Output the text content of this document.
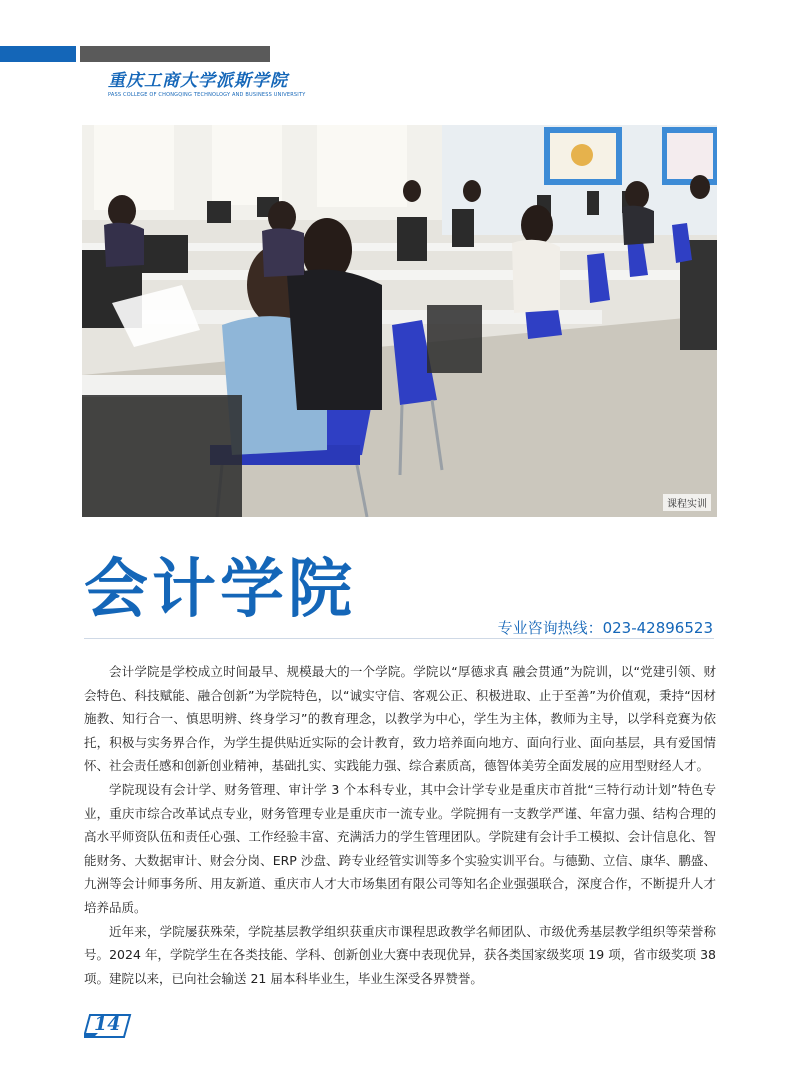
重庆工商大学派斯学院
PASS COLLEGE OF CHONGQING TECHNOLOGY AND BUSINESS UNIVERSITY
课程实训
会计学院
专业咨询热线：023-42896523

会计学院是学校成立时间最早、规模最大的一个学院。学院以“厚德求真 融会贯通”为院训，以“党建引领、财会特色、科技赋能、融合创新”为学院特色，以“诚实守信、客观公正、积极进取、止于至善”为价值观，秉持“因材施教、知行合一、慎思明辨、终身学习”的教育理念，以教学为中心，学生为主体，教师为主导，以学科竞赛为依托，积极与实务界合作，为学生提供贴近实际的会计教育，致力培养面向地方、面向行业、面向基层，具有爱国情怀、社会责任感和创新创业精神，基础扎实、实践能力强、综合素质高，德智体美劳全面发展的应用型财经人才。

学院现设有会计学、财务管理、审计学 3 个本科专业，其中会计学专业是重庆市首批“三特行动计划”特色专业，重庆市综合改革试点专业，财务管理专业是重庆市一流专业。学院拥有一支教学严谨、年富力强、结构合理的高水平师资队伍和责任心强、工作经验丰富、充满活力的学生管理团队。学院建有会计手工模拟、会计信息化、智能财务、大数据审计、财会分岗、ERP 沙盘、跨专业经管实训等多个实验实训平台。与德勤、立信、康华、鹏盛、九洲等会计师事务所、用友新道、重庆市人才大市场集团有限公司等知名企业强强联合，深度合作，不断提升人才培养品质。

近年来，学院屡获殊荣，学院基层教学组织获重庆市课程思政教学名师团队、市级优秀基层教学组织等荣誉称号。2024 年，学院学生在各类技能、学科、创新创业大赛中表现优异，获各类国家级奖项 19 项，省市级奖项 38 项。建院以来，已向社会输送 21 届本科毕业生，毕业生深受各界赞誉。

14
